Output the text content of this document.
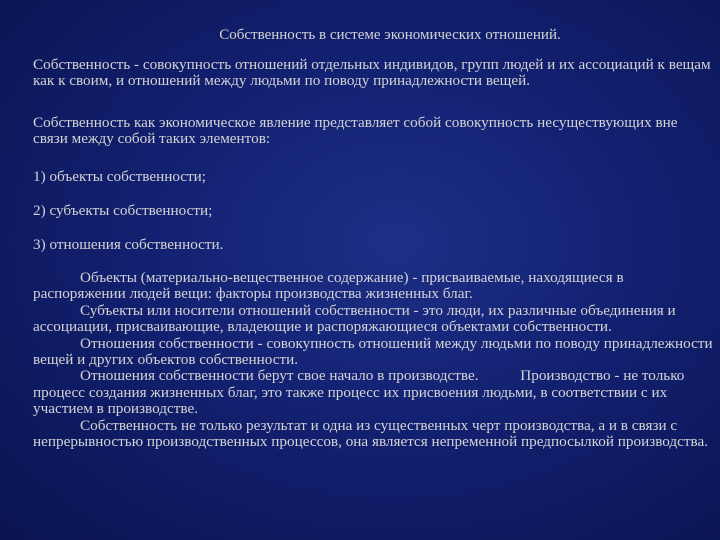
Собственность в системе экономических отношений.

Собственность - совокупность отношений отдельных индивидов, групп людей и их ассоциаций к вещам как к своим, и отношений между людьми по поводу принадлежности вещей.

Собственность как экономическое явление представляет собой совокупность несуществующих вне связи между собой таких элементов:

1) объекты собственности;
2) субъекты собственности;
3) отношения собственности.

Объекты (материально-вещественное содержание) - присваиваемые, находящиеся в распоряжении людей вещи: факторы производства жизненных благ.

Субъекты или носители отношений собственности - это люди, их различные объединения и ассоциации, присваивающие, владеющие и распоряжающиеся объектами собственности.

Отношения собственности - совокупность отношений между людьми по поводу принадлежности вещей и других объектов собственности.

Отношения собственности берут свое начало в производстве.           Производство - не только процесс создания жизненных благ, это также процесс их присвоения людьми, в соответствии с их участием в производстве.

Собственность не только результат и одна из существенных черт производства, а и в связи с непрерывностью производственных процессов, она является непременной предпосылкой производства.
